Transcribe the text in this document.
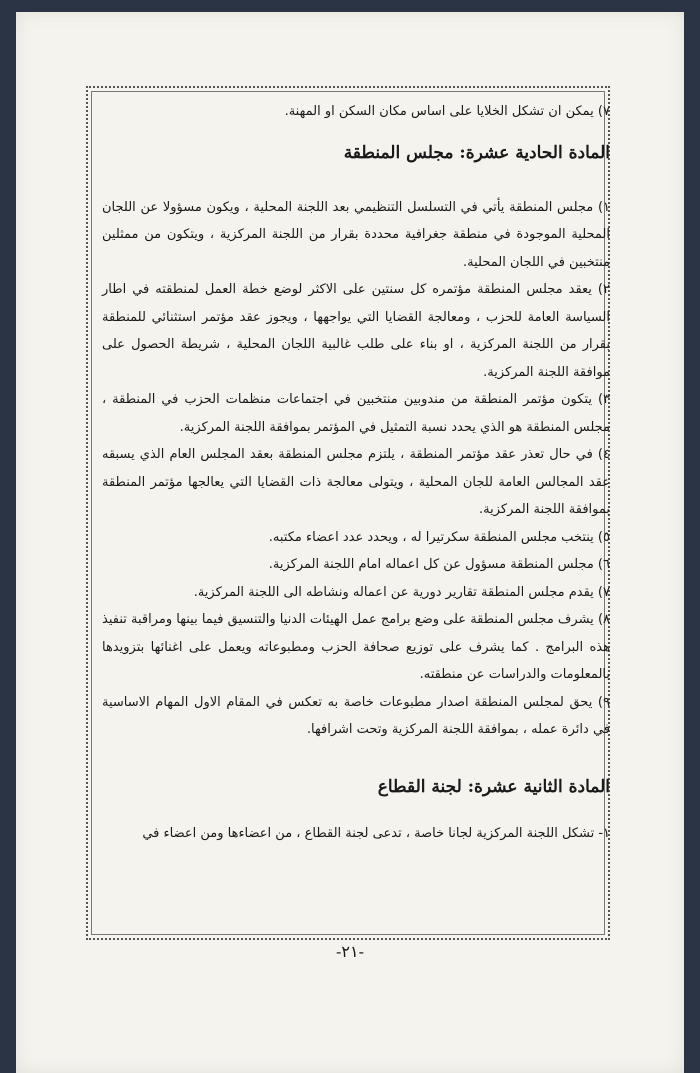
٧) يمكن ان تشكل الخلايا على اساس مكان السكن او المهنة.

المادة الحادية عشرة: مجلس المنطقة

١) مجلس المنطقة يأتي في التسلسل التنظيمي بعد اللجنة المحلية ، ويكون مسؤولا عن اللجان المحلية الموجودة في منطقة جغرافية محددة بقرار من اللجنة المركزية ، ويتكون من ممثلين منتخبين في اللجان المحلية.

٢) يعقد مجلس المنطقة مؤتمره كل سنتين على الاكثر لوضع خطة العمل لمنطقته في اطار السياسة العامة للحزب ، ومعالجة القضايا التي يواجهها ، ويجوز عقد مؤتمر استثنائي للمنطقة بقرار من اللجنة المركزية ، او بناء على طلب غالبية اللجان المحلية ، شريطة الحصول على موافقة اللجنة المركزية.

٣) يتكون مؤتمر المنطقة من مندوبين منتخبين في اجتماعات منظمات الحزب في المنطقة ، مجلس المنطقة هو الذي يحدد نسبة التمثيل في المؤتمر بموافقة اللجنة المركزية.

٤) في حال تعذر عقد مؤتمر المنطقة ، يلتزم مجلس المنطقة بعقد المجلس العام الذي يسبقه عقد المجالس العامة للجان المحلية ، ويتولى معالجة ذات القضايا التي يعالجها مؤتمر المنطقة بموافقة اللجنة المركزية.

٥) ينتخب مجلس المنطقة سكرتيرا له ، ويحدد عدد اعضاء مكتبه.

٦) مجلس المنطقة مسؤول عن كل اعماله امام اللجنة المركزية.

٧) يقدم مجلس المنطقة تقارير دورية عن اعماله ونشاطه الى اللجنة المركزية.

٨) يشرف مجلس المنطقة على وضع برامج عمل الهيئات الدنيا والتنسيق فيما بينها ومراقبة تنفيذ هذه البرامج . كما يشرف على توزيع صحافة الحزب ومطبوعاته ويعمل على اغنائها بتزويدها بالمعلومات والدراسات عن منطقته.

٩) يحق لمجلس المنطقة اصدار مطبوعات خاصة به تعكس في المقام الاول المهام الاساسية في دائرة عمله ، بموافقة اللجنة المركزية وتحت اشرافها.

المادة الثانية عشرة: لجنة القطاع

١- تشكل اللجنة المركزية لجانا خاصة ، تدعى لجنة القطاع ، من اعضاءها ومن اعضاء في

-٢١-
